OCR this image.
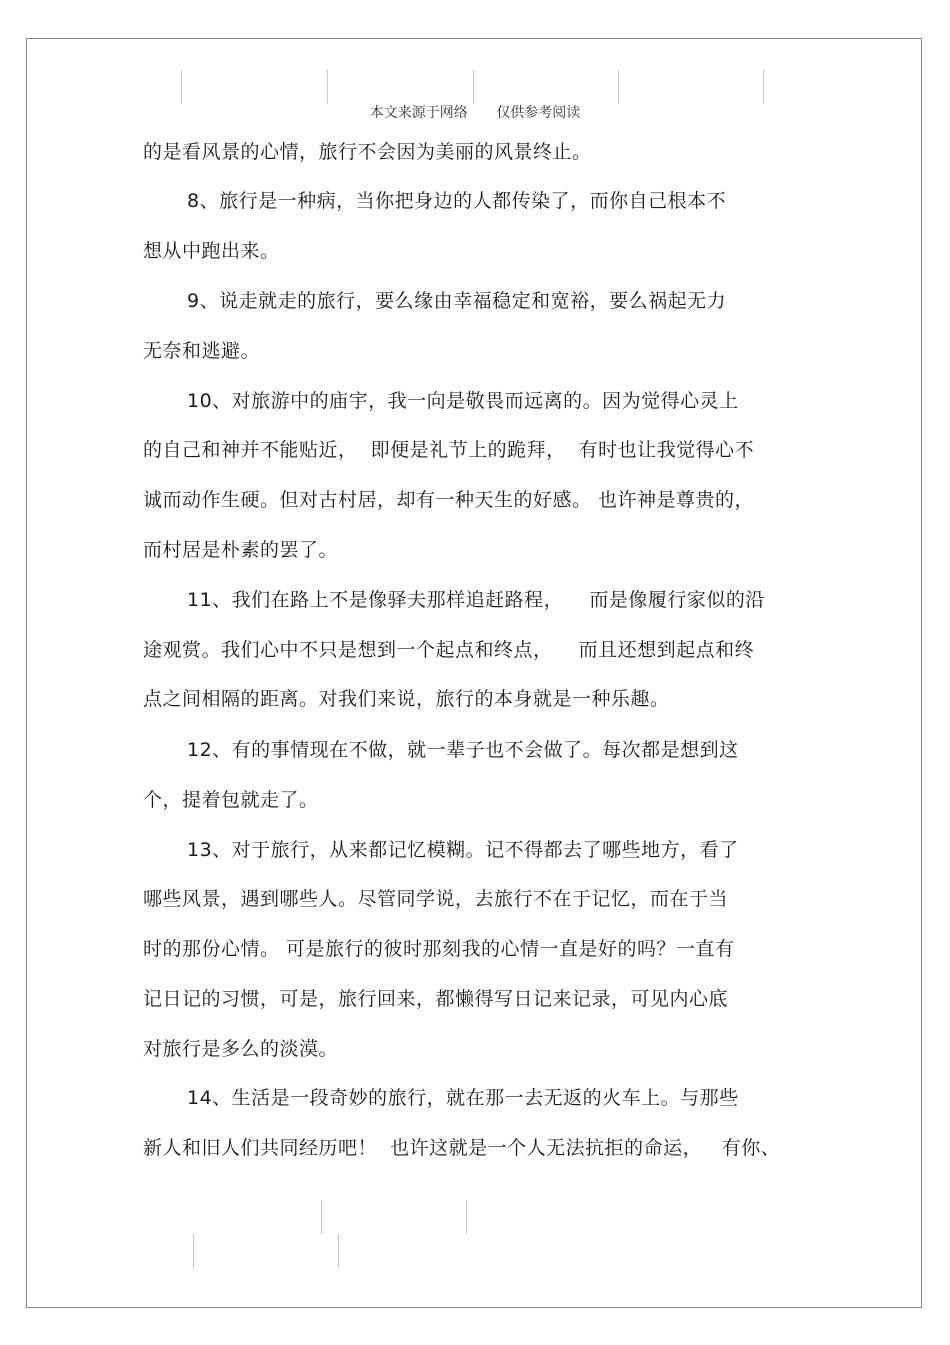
本文来源于网络 仅供参考阅读
的是看风景的心情，旅行不会因为美丽的风景终止。
8、旅行是一种病，当你把身边的人都传染了，而你自己根本不
想从中跑出来。
9、说走就走的旅行，要么缘由幸福稳定和宽裕，要么祸起无力
无奈和逃避。
10、对旅游中的庙宇，我一向是敬畏而远离的。因为觉得心灵上
的自己和神并不能贴近，  即便是礼节上的跪拜，  有时也让我觉得心不
诚而动作生硬。但对古村居，却有一种天生的好感。 也许神是尊贵的，
而村居是朴素的罢了。
11、我们在路上不是像驿夫那样追赶路程，    而是像履行家似的沿
途观赏。我们心中不只是想到一个起点和终点，    而且还想到起点和终
点之间相隔的距离。对我们来说，旅行的本身就是一种乐趣。
12、有的事情现在不做，就一辈子也不会做了。每次都是想到这
个，提着包就走了。
13、对于旅行，从来都记忆模糊。记不得都去了哪些地方，看了
哪些风景，遇到哪些人。尽管同学说，去旅行不在于记忆，而在于当
时的那份心情。 可是旅行的彼时那刻我的心情一直是好的吗？一直有
记日记的习惯，可是，旅行回来，都懒得写日记来记录，可见内心底
对旅行是多么的淡漠。
14、生活是一段奇妙的旅行，就在那一去无返的火车上。与那些
新人和旧人们共同经历吧！  也许这就是一个人无法抗拒的命运，   有你、
